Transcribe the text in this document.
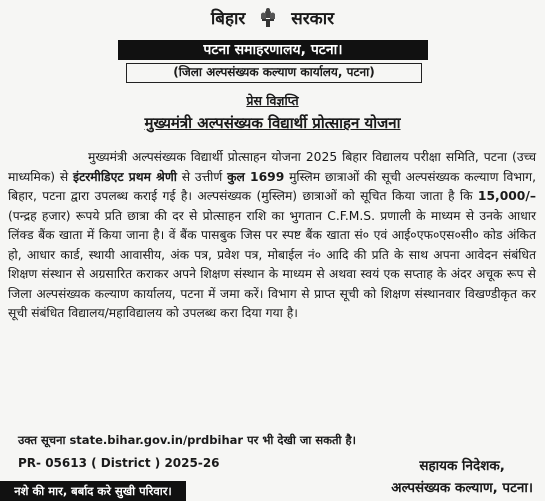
बिहार	सरकार
पटना समाहरणालय, पटना।
(जिला अल्पसंख्यक कल्याण कार्यालय, पटना)
प्रेस विज्ञप्ति
मुख्यमंत्री अल्पसंख्यक विद्यार्थी प्रोत्साहन योजना

मुख्यमंत्री अल्पसंख्यक विद्यार्थी प्रोत्साहन योजना 2025 बिहार विद्यालय परीक्षा समिति, पटना (उच्च माध्यमिक) से इंटरमीडिएट प्रथम श्रेणी से उत्तीर्ण कुल 1699 मुस्लिम छात्राओं की सूची अल्पसंख्यक कल्याण विभाग, बिहार, पटना द्वारा उपलब्ध कराई गई है। अल्पसंख्यक (मुस्लिम) छात्राओं को सूचित किया जाता है कि 15,000/– (पन्द्रह हजार) रूपये प्रति छात्रा की दर से प्रोत्साहन राशि का भुगतान C.F.M.S. प्रणाली के माध्यम से उनके आधार लिंक्ड बैंक खाता में किया जाना है। वें बैंक पासबुक जिस पर स्पष्ट बैंक खाता सं० एवं आई०एफ०एस०सी० कोड अंकित हो, आधार कार्ड, स्थायी आवासीय, अंक पत्र, प्रवेश पत्र, मोबाईल नं० आदि की प्रति के साथ अपना आवेदन संबंधित शिक्षण संस्थान से अग्रसारित कराकर अपने शिक्षण संस्थान के माध्यम से अथवा स्वयं एक सप्ताह के अंदर अचूक रूप से जिला अल्पसंख्यक कल्याण कार्यालय, पटना में जमा करें। विभाग से प्राप्त सूची को शिक्षण संस्थानवार विखण्डीकृत कर सूची संबंधित विद्यालय/महाविद्यालय को उपलब्ध करा दिया गया है।

उक्त सूचना state.bihar.gov.in/prdbihar पर भी देखी जा सकती है।
PR- 05613 ( District ) 2025-26	सहायक निदेशक,
अल्पसंख्यक कल्याण, पटना।
नशे की मार, बर्बाद करे सुखी परिवार।
